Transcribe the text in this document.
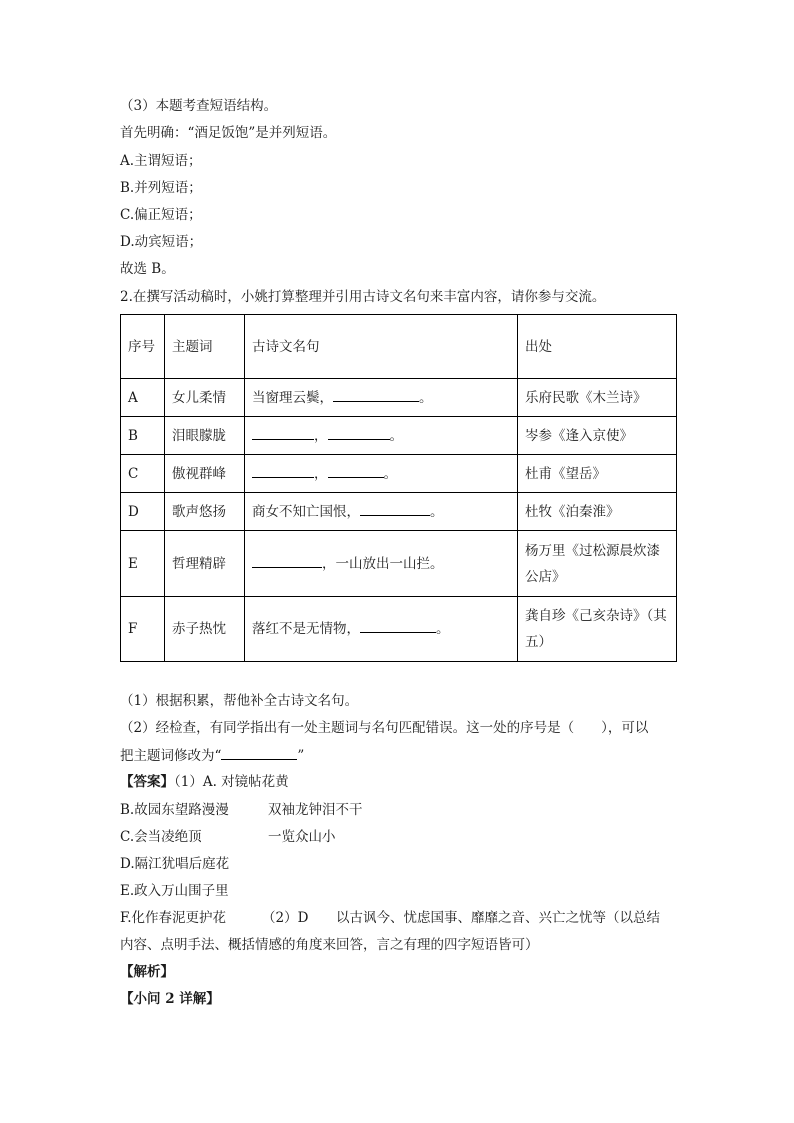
（3）本题考查短语结构。
首先明确：“酒足饭饱”是并列短语。
A.主谓短语；
B.并列短语；
C.偏正短语；
D.动宾短语；
故选 B。
2.在撰写活动稿时，小姚打算整理并引用古诗文名句来丰富内容，请你参与交流。
序号	主题词	古诗文名句	出处
A	女儿柔情	当窗理云鬓， 。	乐府民歌《木兰诗》
B	泪眼朦胧	， 。	岑参《逢入京使》
C	傲视群峰	， 。	杜甫《望岳》
D	歌声悠扬	商女不知亡国恨， 。	杜牧《泊秦淮》
E	哲理精辟	，一山放出一山拦。	杨万里《过松源晨炊漆公店》
F	赤子热忱	落红不是无情物， 。	龚自珍《己亥杂诗》（其五）
（1）根据积累，帮他补全古诗文名句。
（2）经检查，有同学指出有一处主题词与名句匹配错误。这一处的序号是（　　），可以
把主题词修改为“	”
【答案】（1）A. 对镜帖花黄
B.故园东望路漫漫	双袖龙钟泪不干
C.会当凌绝顶	一览众山小
D.隔江犹唱后庭花
E.政入万山围子里
F.化作春泥更护花	（2）D 以古讽今、忧虑国事、靡靡之音、兴亡之忧等（以总结
内容、点明手法、概括情感的角度来回答，言之有理的四字短语皆可）
【解析】
【小问 2 详解】
